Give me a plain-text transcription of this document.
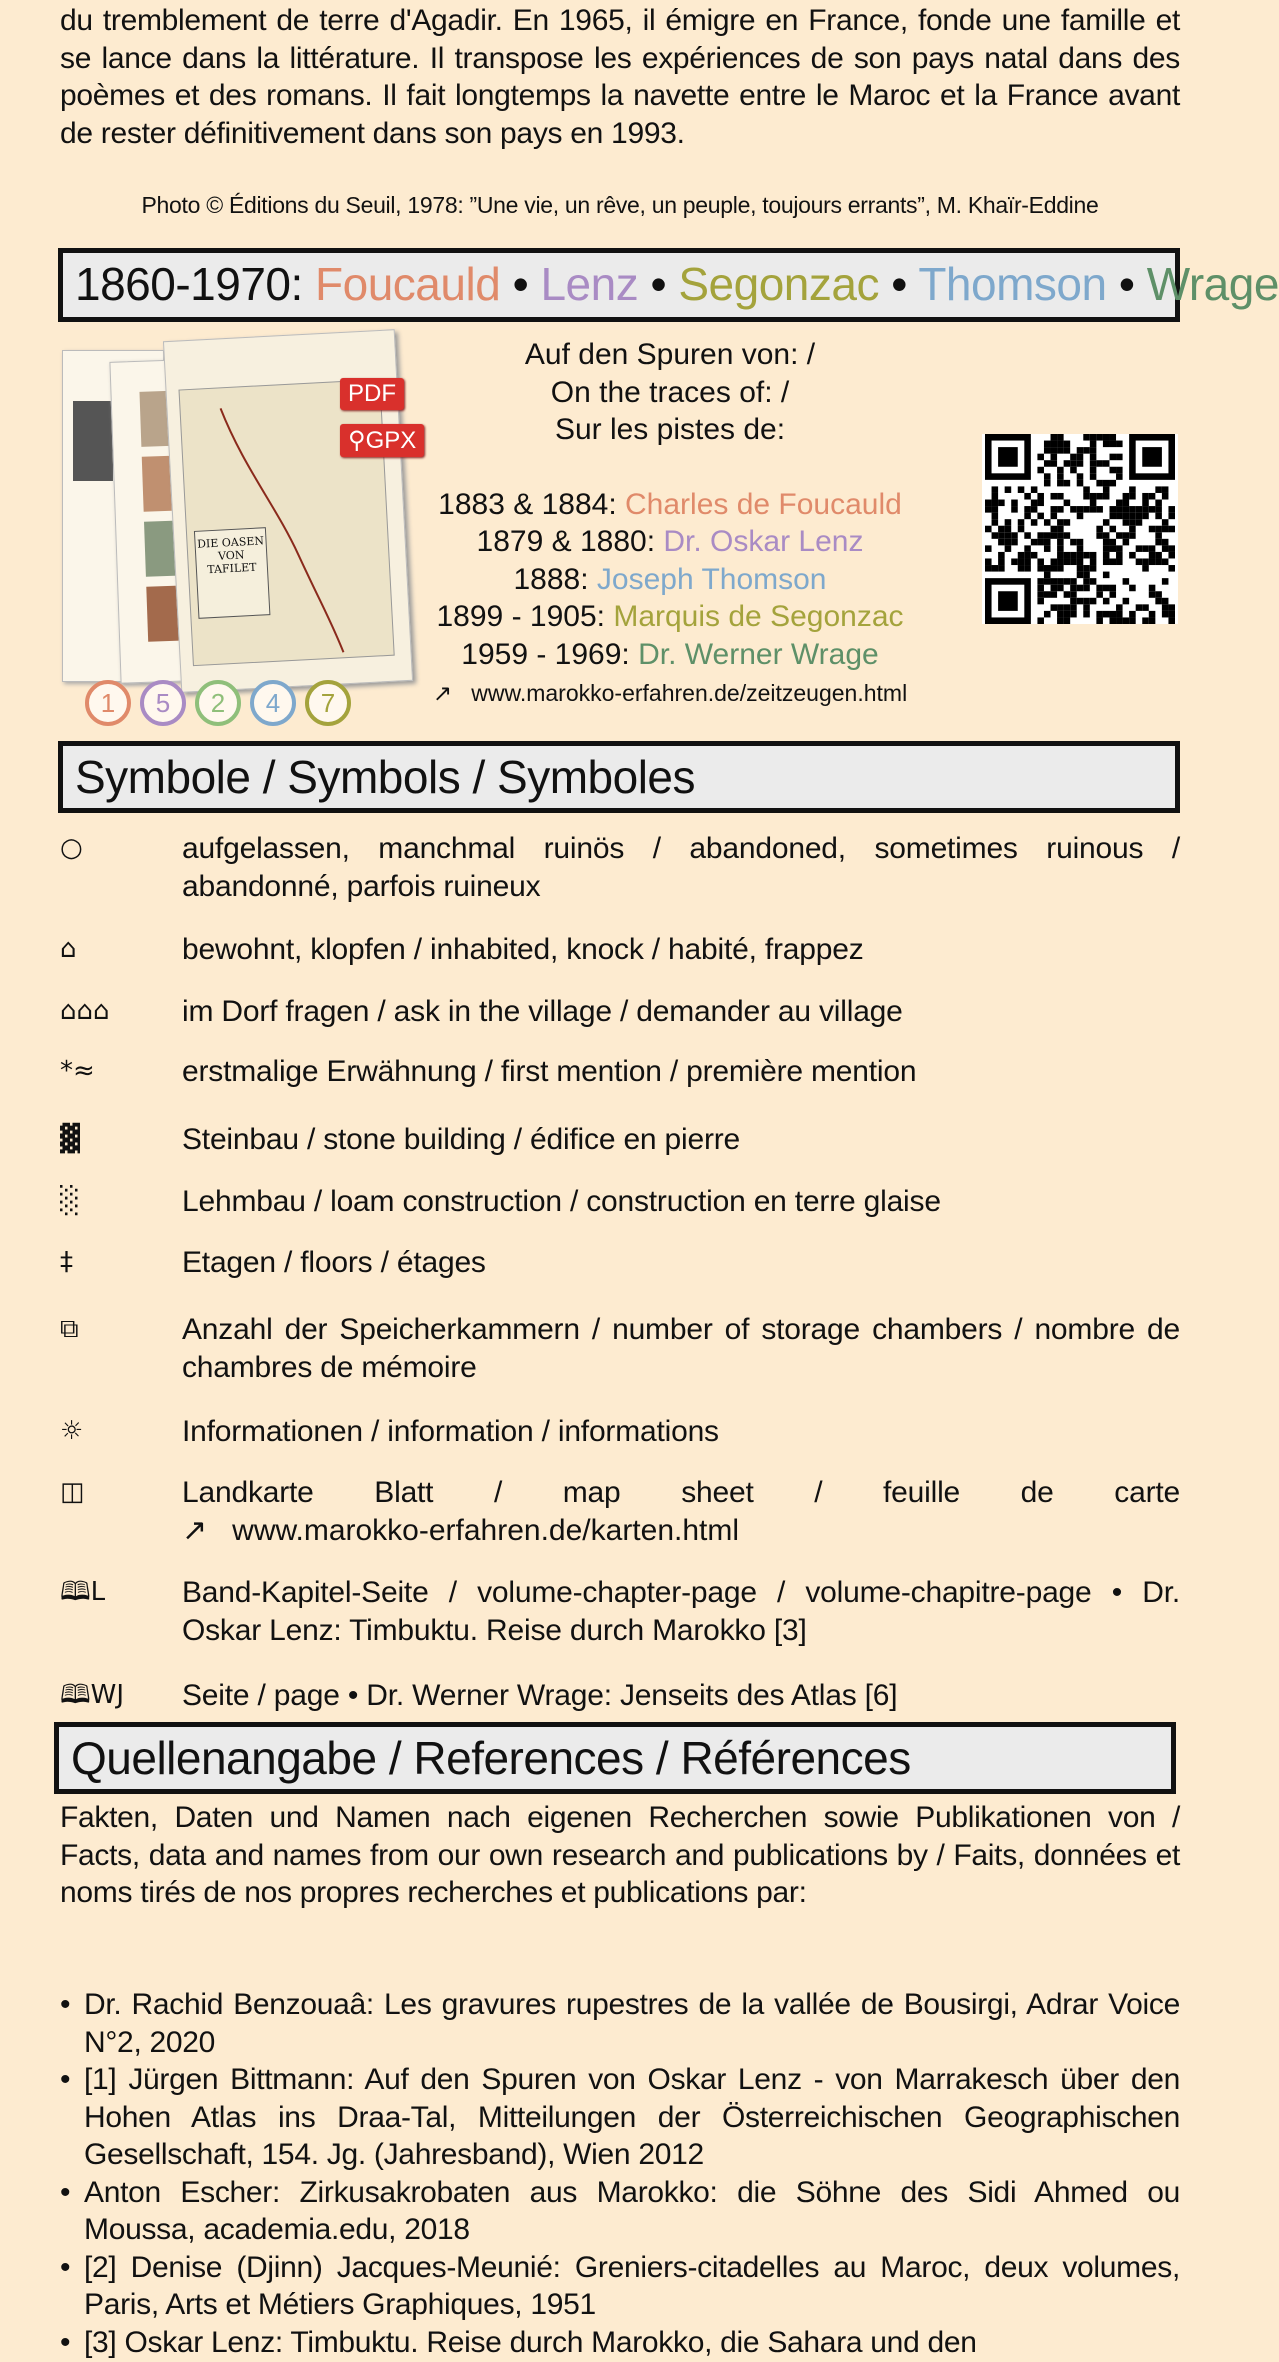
du tremblement de terre d'Agadir. En 1965, il émigre en France, fonde une famille et se lance dans la littérature. Il transpose les expériences de son pays natal dans des poèmes et des romans. Il fait longtemps la navette entre le Maroc et la France avant de rester définitivement dans son pays en 1993.
Photo © Éditions du Seuil, 1978: ”Une vie, un rêve, un peuple, toujours errants”, M. Khaïr-Eddine
1860-1970: Foucauld • Lenz • Segonzac • Thomson • Wrage
DIE OASEN VON TAFILET
PDF
⚲GPX
1 5 2 4 7
Auf den Spuren von: /
On the traces of: /
Sur les pistes de:
1883 & 1884: Charles de Foucauld
1879 & 1880: Dr. Oskar Lenz
1888: Joseph Thomson
1899 - 1905: Marquis de Segonzac
1959 - 1969: Dr. Werner Wrage
↗ www.marokko-erfahren.de/zeitzeugen.html
Symbole / Symbols / Symboles
○	aufgelassen, manchmal ruinös / abandoned, sometimes ruinous / abandonné, parfois ruineux
⌂	bewohnt, klopfen / inhabited, knock / habité, frappez
⌂⌂⌂	im Dorf fragen / ask in the village / demander au village
*≈	erstmalige Erwähnung / first mention / première mention
▓	Steinbau / stone building / édifice en pierre
░	Lehmbau / loam construction / construction en terre glaise
‡	Etagen / floors / étages
⧉	Anzahl der Speicherkammern / number of storage chambers / nombre de chambres de mémoire
☼	Informationen / information / informations
◫	Landkarte Blatt / map sheet / feuille de carte
↗ www.marokko-erfahren.de/karten.html
🕮L	Band-Kapitel-Seite / volume-chapter-page / volume-chapitre-page • Dr. Oskar Lenz: Timbuktu. Reise durch Marokko [3]
🕮WJ	Seite / page • Dr. Werner Wrage: Jenseits des Atlas [6]
Quellenangabe / References / Références
Fakten, Daten und Namen nach eigenen Recherchen sowie Publikationen von / Facts, data and names from our own research and publications by / Faits, données et noms tirés de nos propres recherches et publications par:
• Dr. Rachid Benzouaâ: Les gravures rupestres de la vallée de Bousirgi, Adrar Voice N°2, 2020
• [1] Jürgen Bittmann: Auf den Spuren von Oskar Lenz - von Marrakesch über den Hohen Atlas ins Draa-Tal, Mitteilungen der Österreichischen Geographischen Gesellschaft, 154. Jg. (Jahresband), Wien 2012
• Anton Escher: Zirkusakrobaten aus Marokko: die Söhne des Sidi Ahmed ou Moussa, academia.edu, 2018
• [2] Denise (Djinn) Jacques-Meunié: Greniers-citadelles au Maroc, deux volumes, Paris, Arts et Métiers Graphiques, 1951
• [3] Oskar Lenz: Timbuktu. Reise durch Marokko, die Sahara und den
